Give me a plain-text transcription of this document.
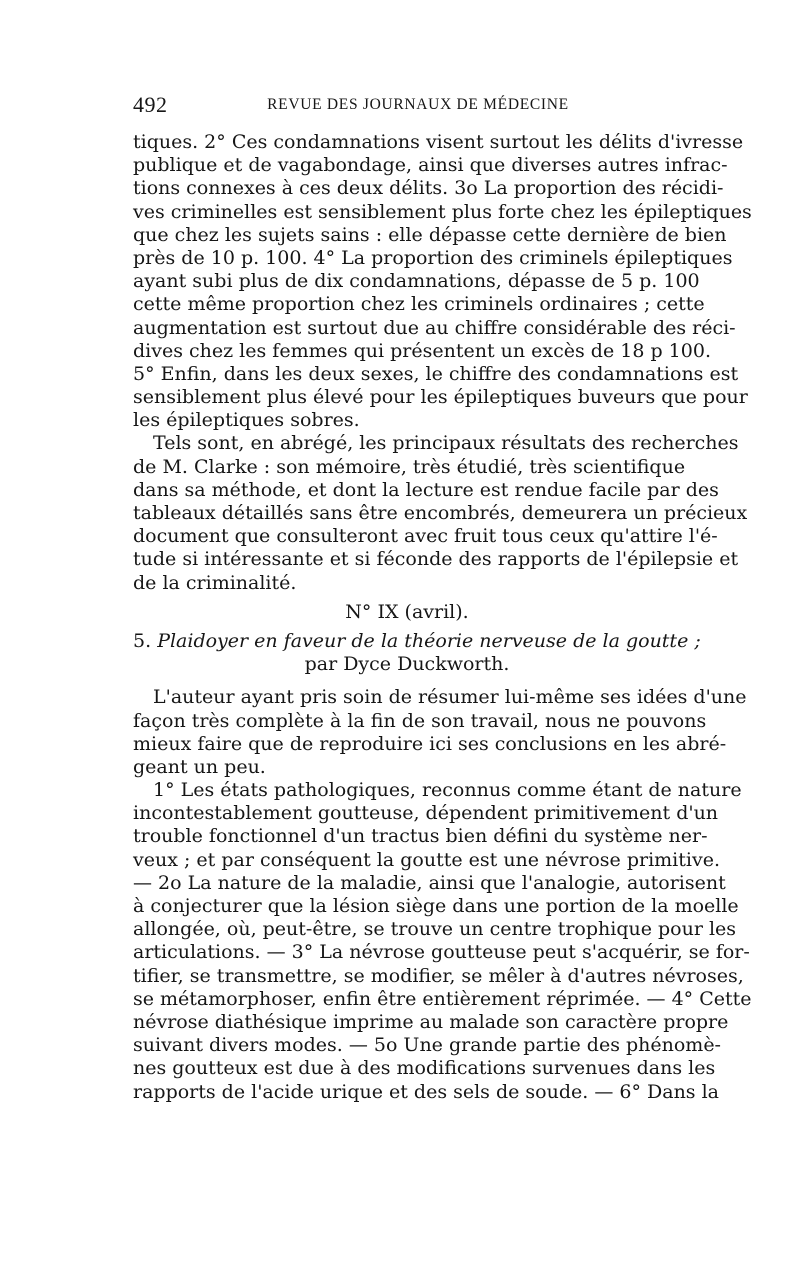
492	REVUE DES JOURNAUX DE MÉDECINE
tiques. 2° Ces condamnations visent surtout les délits d'ivresse
publique et de vagabondage, ainsi que diverses autres infrac-
tions connexes à ces deux délits. 3o La proportion des récidi-
ves criminelles est sensiblement plus forte chez les épileptiques
que chez les sujets sains : elle dépasse cette dernière de bien
près de 10 p. 100. 4° La proportion des criminels épileptiques
ayant subi plus de dix condamnations, dépasse de 5 p. 100
cette même proportion chez les criminels ordinaires ; cette
augmentation est surtout due au chiffre considérable des réci-
dives chez les femmes qui présentent un excès de 18 p 100.
5° Enfin, dans les deux sexes, le chiffre des condamnations est
sensiblement plus élevé pour les épileptiques buveurs que pour
les épileptiques sobres.
Tels sont, en abrégé, les principaux résultats des recherches
de M. Clarke : son mémoire, très étudié, très scientifique
dans sa méthode, et dont la lecture est rendue facile par des
tableaux détaillés sans être encombrés, demeurera un précieux
document que consulteront avec fruit tous ceux qu'attire l'é-
tude si intéressante et si féconde des rapports de l'épilepsie et
de la criminalité.
N° IX (avril).
5. Plaidoyer en faveur de la théorie nerveuse de la goutte ;
par Dyce Duckworth.
L'auteur ayant pris soin de résumer lui-même ses idées d'une
façon très complète à la fin de son travail, nous ne pouvons
mieux faire que de reproduire ici ses conclusions en les abré-
geant un peu.
1° Les états pathologiques, reconnus comme étant de nature
incontestablement goutteuse, dépendent primitivement d'un
trouble fonctionnel d'un tractus bien défini du système ner-
veux ; et par conséquent la goutte est une névrose primitive.
— 2o La nature de la maladie, ainsi que l'analogie, autorisent
à conjecturer que la lésion siège dans une portion de la moelle
allongée, où, peut-être, se trouve un centre trophique pour les
articulations. — 3° La névrose goutteuse peut s'acquérir, se for-
tifier, se transmettre, se modifier, se mêler à d'autres névroses,
se métamorphoser, enfin être entièrement réprimée. — 4° Cette
névrose diathésique imprime au malade son caractère propre
suivant divers modes. — 5o Une grande partie des phénomè-
nes goutteux est due à des modifications survenues dans les
rapports de l'acide urique et des sels de soude. — 6° Dans la
